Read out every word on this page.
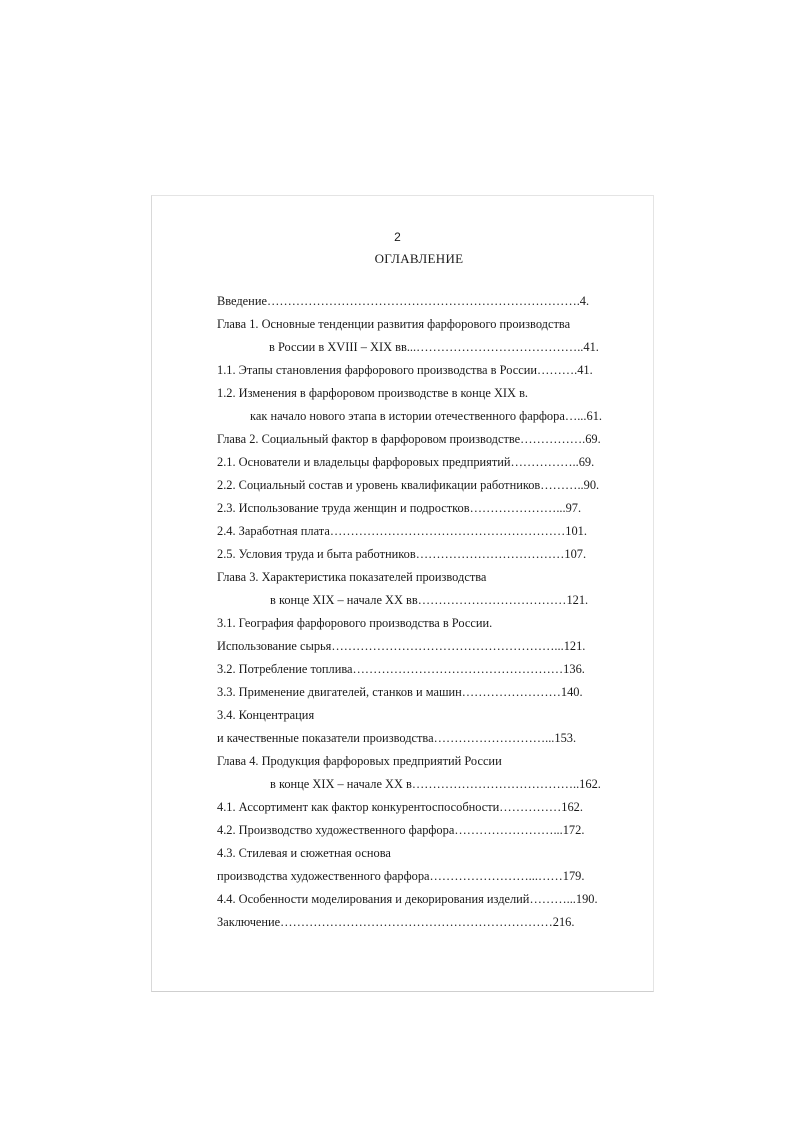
2
ОГЛАВЛЕНИЕ
Введение………………………………………………………………….4.
Глава 1. Основные тенденции развития фарфорового производства
в России в XVIII – XIX вв...…………………………………..41.
1.1. Этапы становления фарфорового производства в России……….41.
1.2. Изменения в фарфоровом производстве в конце XIX в.
как начало нового этапа в истории отечественного фарфора…...61.
Глава 2. Социальный фактор в фарфоровом производстве…………….69.
2.1. Основатели и владельцы фарфоровых предприятий……………..69.
2.2. Социальный состав и уровень квалификации работников………..90.
2.3. Использование труда женщин и подростков…………………...97.
2.4. Заработная плата…………………………………………………101.
2.5. Условия труда и быта работников………………………………107.
Глава 3. Характеристика показателей производства
в конце XIX – начале XX вв………………………………121.
3.1. География фарфорового производства в России.
Использование сырья………………………………………………...121.
3.2. Потребление топлива……………………………………………136.
3.3. Применение двигателей, станков и машин……………………140.
3.4. Концентрация
и качественные показатели производства………………………...153.
Глава 4. Продукция фарфоровых предприятий России
в конце XIX – начале XX в…………………………………..162.
4.1. Ассортимент как фактор конкурентоспособности……………162.
4.2. Производство художественного фарфора……………………...172.
4.3. Стилевая и сюжетная основа
производства художественного фарфора……………………...……179.
4.4. Особенности моделирования и декорирования изделий………...190.
Заключение…………………………………………………………216.
